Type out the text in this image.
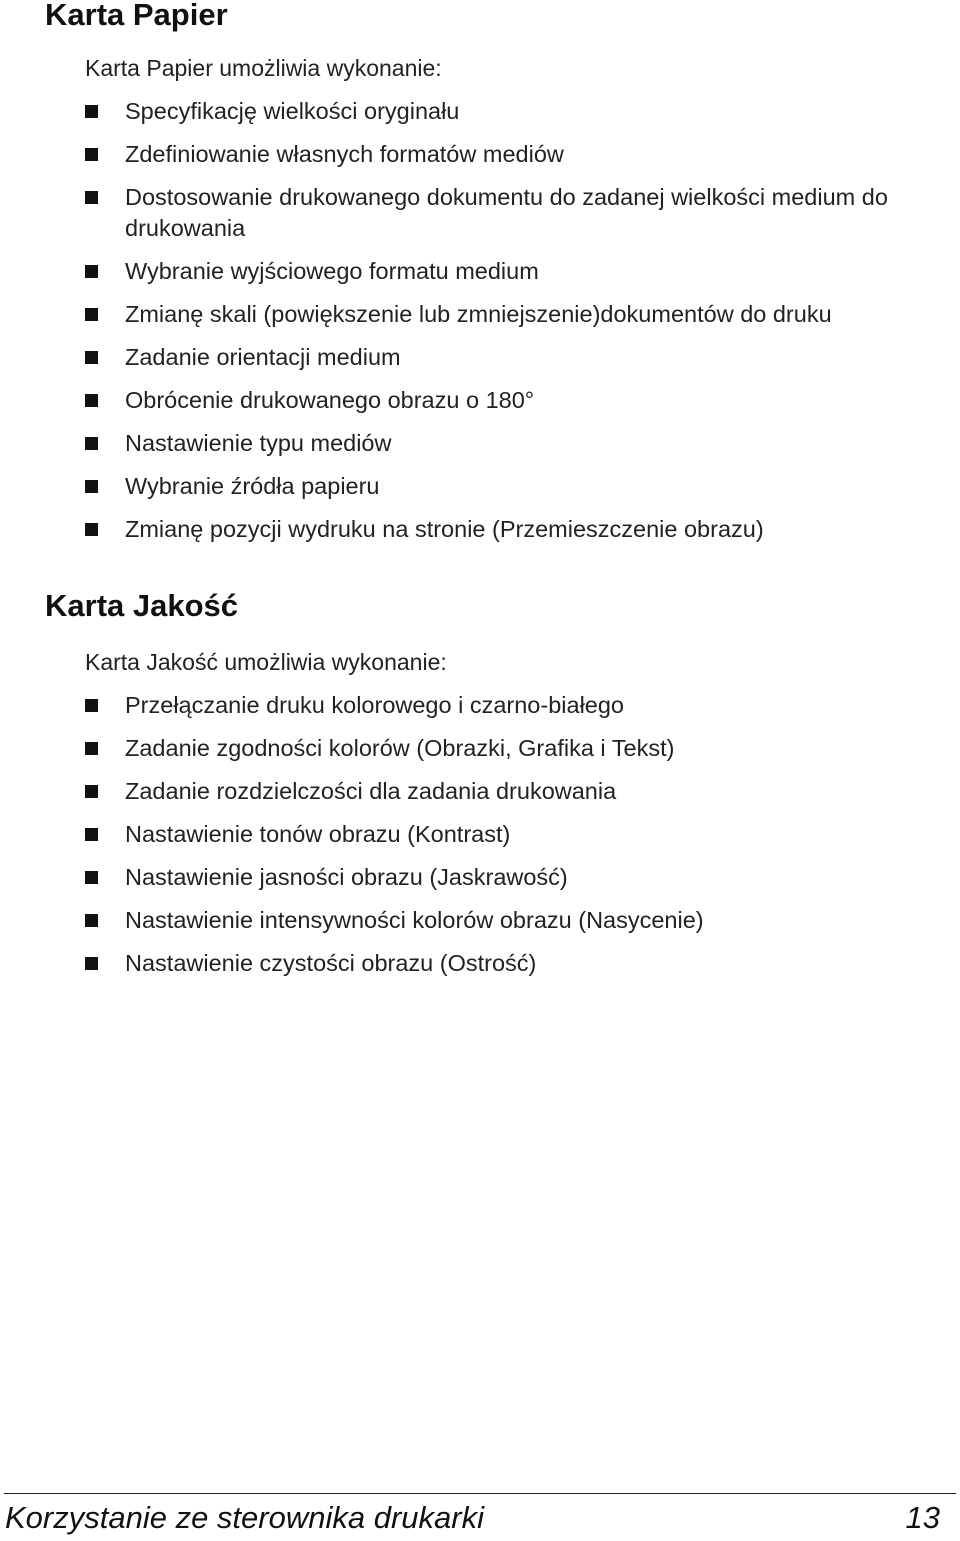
Karta Papier

Karta Papier umożliwia wykonanie:

Specyfikację wielkości oryginału
Zdefiniowanie własnych formatów mediów
Dostosowanie drukowanego dokumentu do zadanej wielkości medium do drukowania
Wybranie wyjściowego formatu medium
Zmianę skali (powiększenie lub zmniejszenie)dokumentów do druku
Zadanie orientacji medium
Obrócenie drukowanego obrazu o 180°
Nastawienie typu mediów
Wybranie źródła papieru
Zmianę pozycji wydruku na stronie (Przemieszczenie obrazu)
Karta Jakość

Karta Jakość umożliwia wykonanie:

Przełączanie druku kolorowego i czarno-białego
Zadanie zgodności kolorów (Obrazki, Grafika i Tekst)
Zadanie rozdzielczości dla zadania drukowania
Nastawienie tonów obrazu (Kontrast)
Nastawienie jasności obrazu (Jaskrawość)
Nastawienie intensywności kolorów obrazu (Nasycenie)
Nastawienie czystości obrazu (Ostrość)

Korzystanie ze sterownika drukarki	13
